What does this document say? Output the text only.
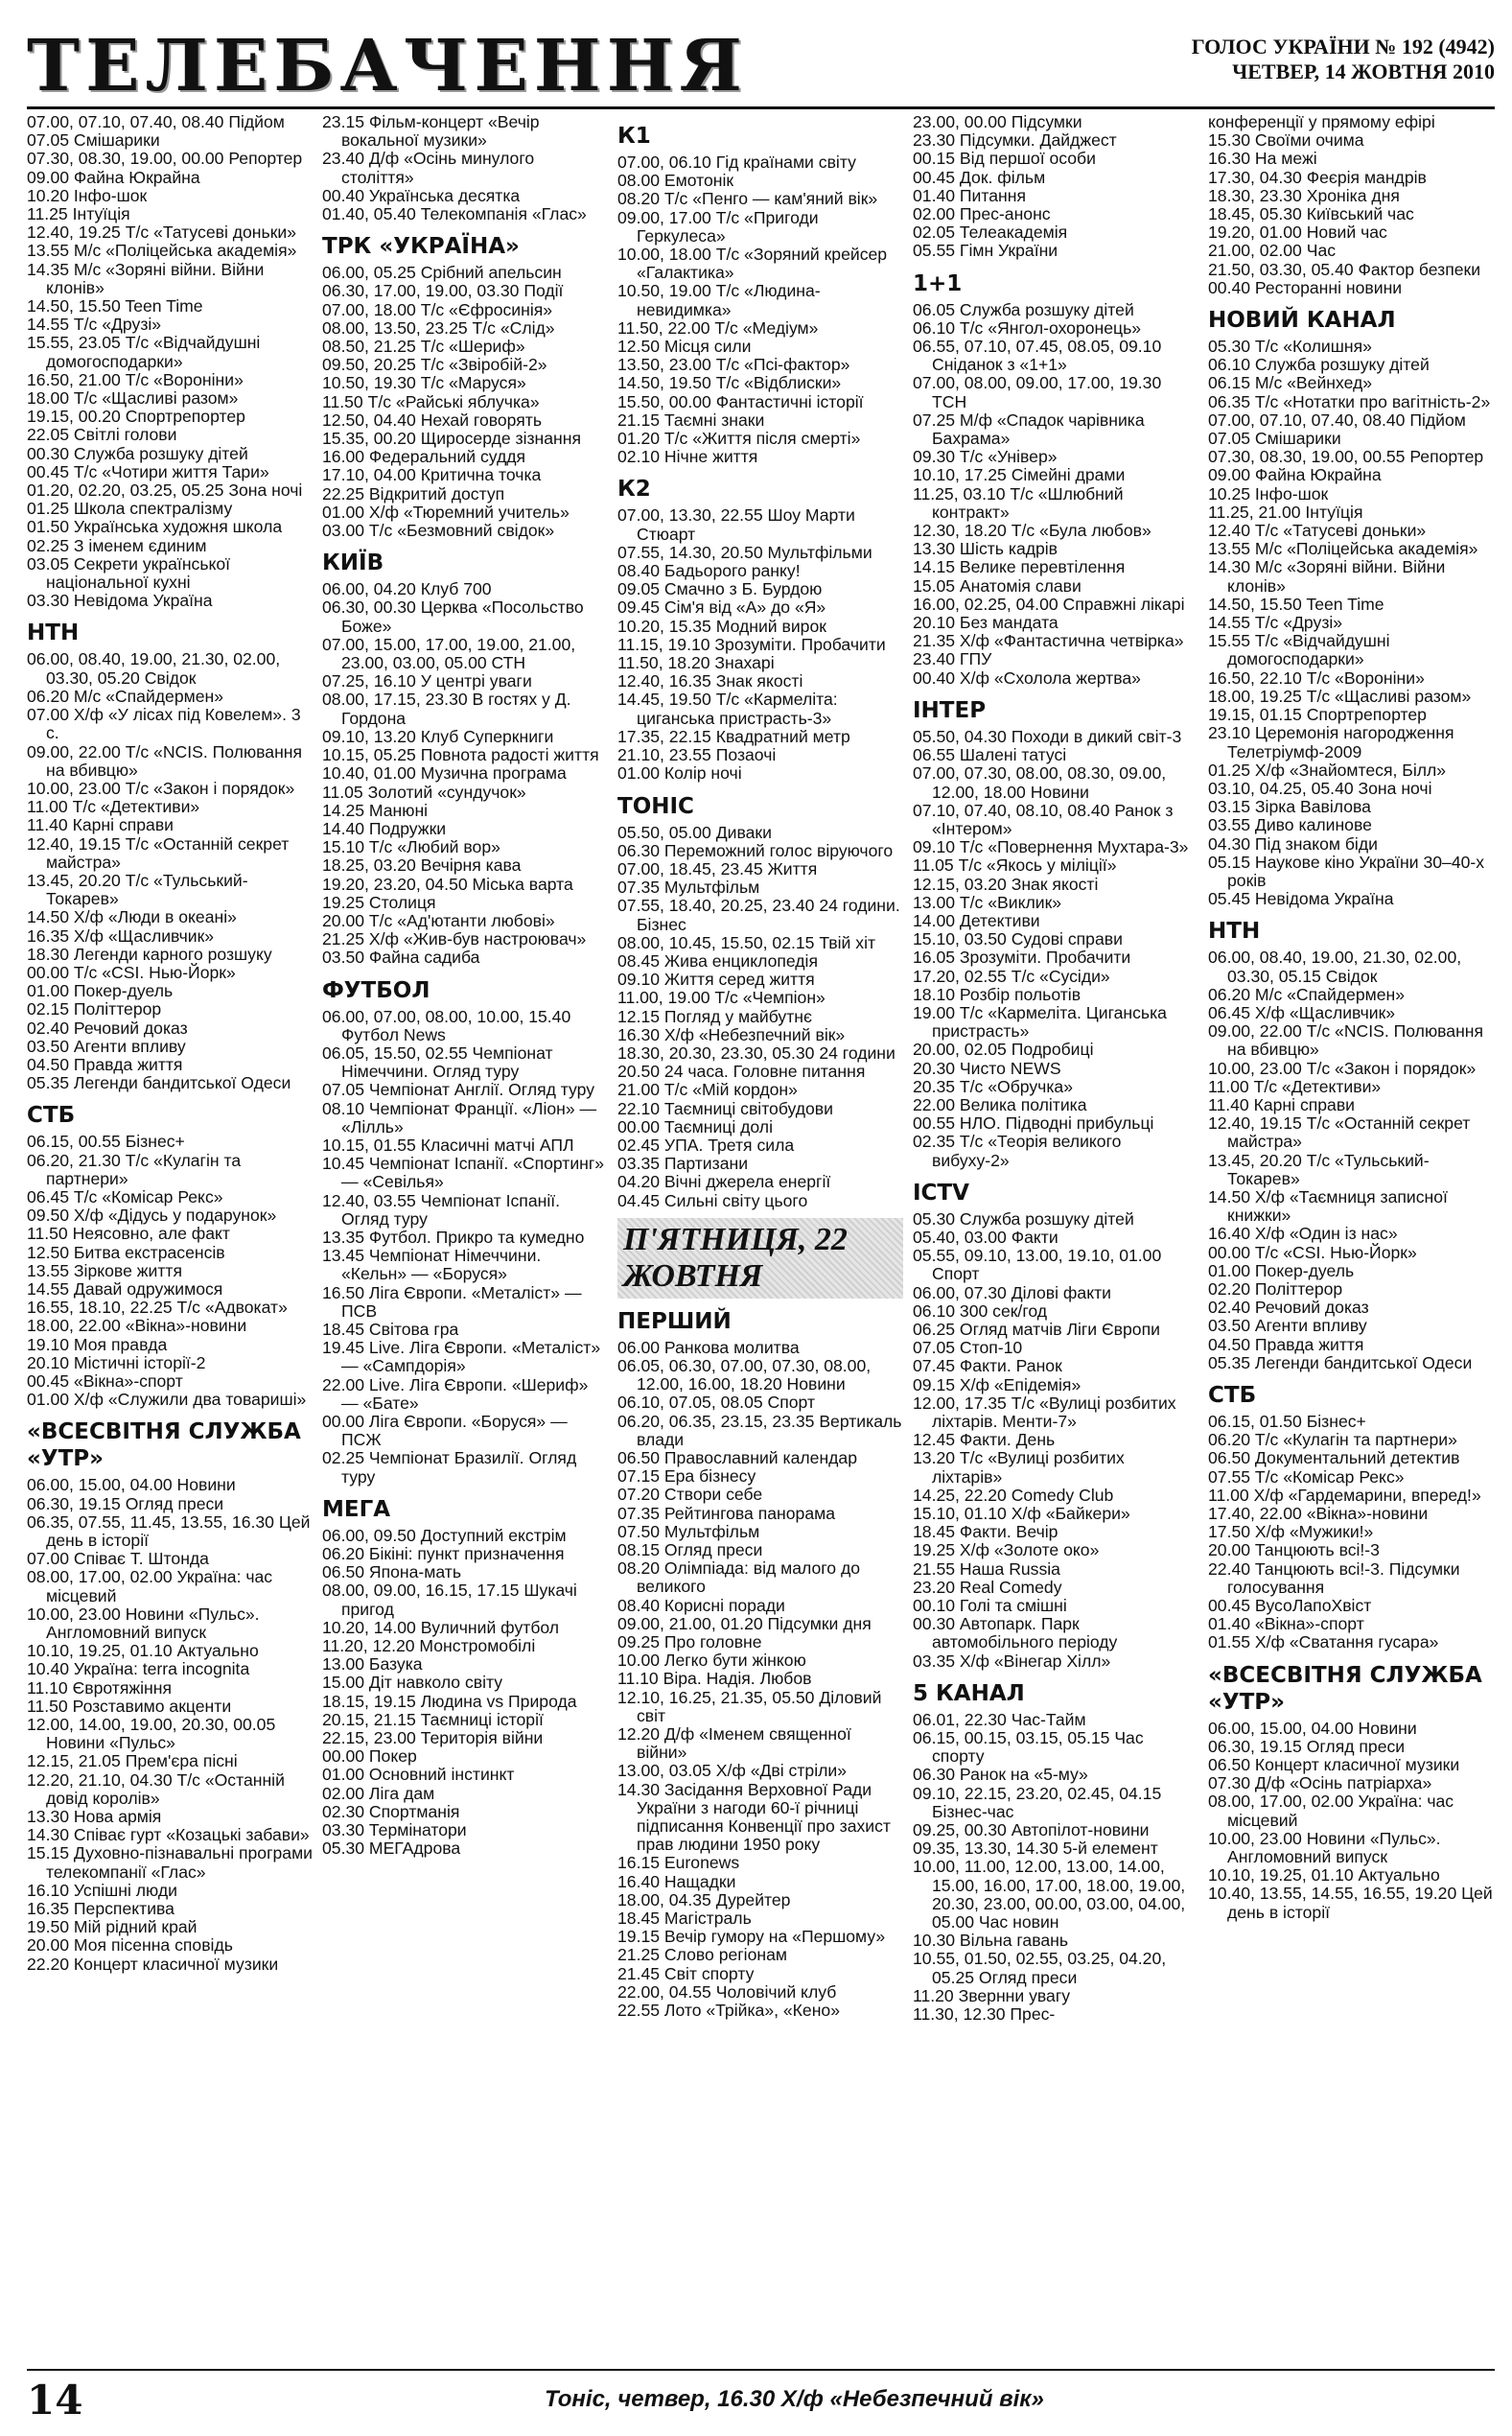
ТЕЛЕБАЧЕННЯ	ГОЛОС УКРАЇНИ № 192 (4942)
ЧЕТВЕР, 14 ЖОВТНЯ 2010

07.00, 07.10, 07.40, 08.40 Підйом

07.05 Смішарики

07.30, 08.30, 19.00, 00.00 Репортер

09.00 Файна Юкрайна

10.20 Інфо-шок

11.25 Інтуїція

12.40, 19.25 Т/с «Татусеві доньки»

13.55 М/с «Поліцейська академія»

14.35 М/с «Зоряні війни. Війни клонів»

14.50, 15.50 Teen Time

14.55 Т/с «Друзі»

15.55, 23.05 Т/с «Відчайдушні домогосподарки»

16.50, 21.00 Т/с «Вороніни»

18.00 Т/с «Щасливі разом»

19.15, 00.20 Спортрепортер

22.05 Світлі голови

00.30 Служба розшуку дітей

00.45 Т/с «Чотири життя Тари»

01.20, 02.20, 03.25, 05.25 Зона ночі

01.25 Школа спектралізму

01.50 Українська художня школа

02.25 З іменем єдиним

03.05 Секрети української національної кухні

03.30 Невідома Україна

НТН

06.00, 08.40, 19.00, 21.30, 02.00, 03.30, 05.20 Свідок

06.20 М/с «Спайдермен»

07.00 Х/ф «У лісах під Ковелем». 3 с.

09.00, 22.00 Т/с «NCIS. Полювання на вбивцю»

10.00, 23.00 Т/с «Закон і порядок»

11.00 Т/с «Детективи»

11.40 Карні справи

12.40, 19.15 Т/с «Останній секрет майстра»

13.45, 20.20 Т/с «Тульський-Токарев»

14.50 Х/ф «Люди в океані»

16.35 Х/ф «Щасливчик»

18.30 Легенди карного розшуку

00.00 Т/с «CSI. Нью-Йорк»

01.00 Покер-дуель

02.15 Політтерор

02.40 Речовий доказ

03.50 Агенти впливу

04.50 Правда життя

05.35 Легенди бандитської Одеси

СТБ

06.15, 00.55 Бізнес+

06.20, 21.30 Т/с «Кулагін та партнери»

06.45 Т/с «Комісар Рекс»

09.50 Х/ф «Дідусь у подарунок»

11.50 Неясовно, але факт

12.50 Битва екстрасенсів

13.55 Зіркове життя

14.55 Давай одружимося

16.55, 18.10, 22.25 Т/с «Адвокат»

18.00, 22.00 «Вікна»-новини

19.10 Моя правда

20.10 Містичні історії-2

00.45 «Вікна»-спорт

01.00 Х/ф «Служили два товариші»

«ВСЕСВІТНЯ СЛУЖБА «УТР»

06.00, 15.00, 04.00 Новини

06.30, 19.15 Огляд преси

06.35, 07.55, 11.45, 13.55, 16.30 Цей день в історії

07.00 Співає Т. Штонда

08.00, 17.00, 02.00 Україна: час місцевий

10.00, 23.00 Новини «Пульс». Англомовний випуск

10.10, 19.25, 01.10 Актуально

10.40 Україна: terra incognita

11.10 Євротяжіння

11.50 Розставимо акценти

12.00, 14.00, 19.00, 20.30, 00.05 Новини «Пульс»

12.15, 21.05 Прем'єра пісні

12.20, 21.10, 04.30 Т/с «Останній довід королів»

13.30 Нова армія

14.30 Співає гурт «Козацькі забави»

15.15 Духовно-пізнавальні програми телекомпанії «Глас»

16.10 Успішні люди

16.35 Перспектива

19.50 Мій рідний край

20.00 Моя пісенна сповідь

22.20 Концерт класичної музики

23.15 Фільм-концерт «Вечір вокальної музики»

23.40 Д/ф «Осінь минулого століття»

00.40 Українська десятка

01.40, 05.40 Телекомпанія «Глас»

ТРК «УКРАЇНА»

06.00, 05.25 Срібний апельсин

06.30, 17.00, 19.00, 03.30 Події

07.00, 18.00 Т/с «Єфросинія»

08.00, 13.50, 23.25 Т/с «Слід»

08.50, 21.25 Т/с «Шериф»

09.50, 20.25 Т/с «Звіробій-2»

10.50, 19.30 Т/с «Маруся»

11.50 Т/с «Райські яблучка»

12.50, 04.40 Нехай говорять

15.35, 00.20 Щиросерде зізнання

16.00 Федеральний суддя

17.10, 04.00 Критична точка

22.25 Відкритий доступ

01.00 Х/ф «Тюремний учитель»

03.00 Т/с «Безмовний свідок»

КИЇВ

06.00, 04.20 Клуб 700

06.30, 00.30 Церква «Посольство Боже»

07.00, 15.00, 17.00, 19.00, 21.00, 23.00, 03.00, 05.00 СТН

07.25, 16.10 У центрі уваги

08.00, 17.15, 23.30 В гостях у Д. Гордона

09.10, 13.20 Клуб Суперкниги

10.15, 05.25 Повнота радості життя

10.40, 01.00 Музична програма

11.05 Золотий «сундучок»

14.25 Манюні

14.40 Подружки

15.10 Т/с «Любий вор»

18.25, 03.20 Вечірня кава

19.20, 23.20, 04.50 Міська варта

19.25 Столиця

20.00 Т/с «Ад'ютанти любові»

21.25 Х/ф «Жив-був настроювач»

03.50 Файна садиба

ФУТБОЛ

06.00, 07.00, 08.00, 10.00, 15.40 Футбол News

06.05, 15.50, 02.55 Чемпіонат Німеччини. Огляд туру

07.05 Чемпіонат Англії. Огляд туру

08.10 Чемпіонат Франції. «Ліон» — «Лілль»

10.15, 01.55 Класичні матчі АПЛ

10.45 Чемпіонат Іспанії. «Спортинг» — «Севілья»

12.40, 03.55 Чемпіонат Іспанії. Огляд туру

13.35 Футбол. Прикро та кумедно

13.45 Чемпіонат Німеччини. «Кельн» — «Боруся»

16.50 Ліга Європи. «Металіст» — ПСВ

18.45 Світова гра

19.45 Live. Ліга Європи. «Металіст» — «Сампдорія»

22.00 Live. Ліга Європи. «Шериф» — «Бате»

00.00 Ліга Європи. «Боруся» — ПСЖ

02.25 Чемпіонат Бразилії. Огляд туру

МЕГА

06.00, 09.50 Доступний екстрім

06.20 Бікіні: пункт призначення

06.50 Япона-мать

08.00, 09.00, 16.15, 17.15 Шукачі пригод

10.20, 14.00 Вуличний футбол

11.20, 12.20 Монстромобілі

13.00 Базука

15.00 Діт навколо світу

18.15, 19.15 Людина vs Природа

20.15, 21.15 Таємниці історії

22.15, 23.00 Територія війни

00.00 Покер

01.00 Основний інстинкт

02.00 Ліга дам

02.30 Спортманія

03.30 Термінатори

05.30 МЕГАдрова

К1

07.00, 06.10 Гід країнами світу

08.00 Емотонік

08.20 Т/с «Пенго — кам'яний вік»

09.00, 17.00 Т/с «Пригоди Геркулеса»

10.00, 18.00 Т/с «Зоряний крейсер «Галактика»

10.50, 19.00 Т/с «Людина-невидимка»

11.50, 22.00 Т/с «Медіум»

12.50 Місця сили

13.50, 23.00 Т/с «Псі-фактор»

14.50, 19.50 Т/с «Відблиски»

15.50, 00.00 Фантастичні історії

21.15 Таємні знаки

01.20 Т/с «Життя після смерті»

02.10 Нічне життя

К2

07.00, 13.30, 22.55 Шоу Марти Стюарт

07.55, 14.30, 20.50 Мультфільми

08.40 Бадьорого ранку!

09.05 Смачно з Б. Бурдою

09.45 Сім'я від «А» до «Я»

10.20, 15.35 Модний вирок

11.15, 19.10 Зрозуміти. Пробачити

11.50, 18.20 Знахарі

12.40, 16.35 Знак якості

14.45, 19.50 Т/с «Кармеліта: циганська пристрасть-3»

17.35, 22.15 Квадратний метр

21.10, 23.55 Позаочі

01.00 Колір ночі

ТОНІС

05.50, 05.00 Диваки

06.30 Переможний голос віруючого

07.00, 18.45, 23.45 Життя

07.35 Мультфільм

07.55, 18.40, 20.25, 23.40 24 години. Бізнес

08.00, 10.45, 15.50, 02.15 Твій хіт

08.45 Жива енциклопедія

09.10 Життя серед життя

11.00, 19.00 Т/с «Чемпіон»

12.15 Погляд у майбутнє

16.30 Х/ф «Небезпечний вік»

18.30, 20.30, 23.30, 05.30 24 години

20.50 24 часа. Головне питання

21.00 Т/с «Мій кордон»

22.10 Таємниці світобудови

00.00 Таємниці долі

02.45 УПА. Третя сила

03.35 Партизани

04.20 Вічні джерела енергії

04.45 Сильні світу цього

П'ЯТНИЦЯ, 22 ЖОВТНЯ
ПЕРШИЙ

06.00 Ранкова молитва

06.05, 06.30, 07.00, 07.30, 08.00, 12.00, 16.00, 18.20 Новини

06.10, 07.05, 08.05 Спорт

06.20, 06.35, 23.15, 23.35 Вертикаль влади

06.50 Православний календар

07.15 Ера бізнесу

07.20 Створи себе

07.35 Рейтингова панорама

07.50 Мультфільм

08.15 Огляд преси

08.20 Олімпіада: від малого до великого

08.40 Корисні поради

09.00, 21.00, 01.20 Підсумки дня

09.25 Про головне

10.00 Легко бути жінкою

11.10 Віра. Надія. Любов

12.10, 16.25, 21.35, 05.50 Діловий світ

12.20 Д/ф «Іменем священної війни»

13.00, 03.05 Х/ф «Дві стріли»

14.30 Засідання Верховної Ради України з нагоди 60-ї річниці підписання Конвенції про захист прав людини 1950 року

16.15 Euronews

16.40 Нащадки

18.00, 04.35 Дурейтер

18.45 Магістраль

19.15 Вечір гумору на «Першому»

21.25 Слово регіонам

21.45 Світ спорту

22.00, 04.55 Чоловічий клуб

22.55 Лото «Трійка», «Кено»

23.00, 00.00 Підсумки

23.30 Підсумки. Дайджест

00.15 Від першої особи

00.45 Док. фільм

01.40 Питання

02.00 Прес-анонс

02.05 Телеакадемія

05.55 Гімн України

1+1

06.05 Служба розшуку дітей

06.10 Т/с «Янгол-охоронець»

06.55, 07.10, 07.45, 08.05, 09.10 Сніданок з «1+1»

07.00, 08.00, 09.00, 17.00, 19.30 ТСН

07.25 М/ф «Спадок чарівника Бахрама»

09.30 Т/с «Універ»

10.10, 17.25 Сімейні драми

11.25, 03.10 Т/с «Шлюбний контракт»

12.30, 18.20 Т/с «Була любов»

13.30 Шість кадрів

14.15 Велике перевтілення

15.05 Анатомія слави

16.00, 02.25, 04.00 Справжні лікарі

20.10 Без мандата

21.35 Х/ф «Фантастична четвірка»

23.40 ГПУ

00.40 Х/ф «Схолола жертва»

ІНТЕР

05.50, 04.30 Походи в дикий світ-3

06.55 Шалені татусі

07.00, 07.30, 08.00, 08.30, 09.00, 12.00, 18.00 Новини

07.10, 07.40, 08.10, 08.40 Ранок з «Інтером»

09.10 Т/с «Повернення Мухтара-3»

11.05 Т/с «Якось у міліції»

12.15, 03.20 Знак якості

13.00 Т/с «Виклик»

14.00 Детективи

15.10, 03.50 Судові справи

16.05 Зрозуміти. Пробачити

17.20, 02.55 Т/с «Сусіди»

18.10 Розбір польотів

19.00 Т/с «Кармеліта. Циганська пристрасть»

20.00, 02.05 Подробиці

20.30 Чисто NEWS

20.35 Т/с «Обручка»

22.00 Велика політика

00.55 НЛО. Підводні прибульці

02.35 Т/с «Теорія великого вибуху-2»

ICTV

05.30 Служба розшуку дітей

05.40, 03.00 Факти

05.55, 09.10, 13.00, 19.10, 01.00 Спорт

06.00, 07.30 Ділові факти

06.10 300 сек/год

06.25 Огляд матчів Ліги Європи

07.05 Стоп-10

07.45 Факти. Ранок

09.15 Х/ф «Епідемія»

12.00, 17.35 Т/с «Вулиці розбитих ліхтарів. Менти-7»

12.45 Факти. День

13.20 Т/с «Вулиці розбитих ліхтарів»

14.25, 22.20 Comedy Club

15.10, 01.10 Х/ф «Байкери»

18.45 Факти. Вечір

19.25 Х/ф «Золоте око»

21.55 Наша Russia

23.20 Real Comedy

00.10 Голі та смішні

00.30 Автопарк. Парк автомобільного періоду

03.35 Х/ф «Вінегар Хілл»

5 КАНАЛ

06.01, 22.30 Час-Тайм

06.15, 00.15, 03.15, 05.15 Час спорту

06.30 Ранок на «5-му»

09.10, 22.15, 23.20, 02.45, 04.15 Бізнес-час

09.25, 00.30 Автопілот-новини

09.35, 13.30, 14.30 5-й елемент

10.00, 11.00, 12.00, 13.00, 14.00, 15.00, 16.00, 17.00, 18.00, 19.00, 20.30, 23.00, 00.00, 03.00, 04.00, 05.00 Час новин

10.30 Вільна гавань

10.55, 01.50, 02.55, 03.25, 04.20, 05.25 Огляд преси

11.20 Звернни увагу

11.30, 12.30 Прес-

конференції у прямому ефірі

15.30 Своїми очима

16.30 На межі

17.30, 04.30 Феєрія мандрів

18.30, 23.30 Хроніка дня

18.45, 05.30 Київський час

19.20, 01.00 Новий час

21.00, 02.00 Час

21.50, 03.30, 05.40 Фактор безпеки

00.40 Ресторанні новини

НОВИЙ КАНАЛ

05.30 Т/с «Колишня»

06.10 Служба розшуку дітей

06.15 М/с «Вейнхед»

06.35 Т/с «Нотатки про вагітність-2»

07.00, 07.10, 07.40, 08.40 Підйом

07.05 Смішарики

07.30, 08.30, 19.00, 00.55 Репортер

09.00 Файна Юкрайна

10.25 Інфо-шок

11.25, 21.00 Інтуїція

12.40 Т/с «Татусеві доньки»

13.55 М/с «Поліцейська академія»

14.30 М/с «Зоряні війни. Війни клонів»

14.50, 15.50 Teen Time

14.55 Т/с «Друзі»

15.55 Т/с «Відчайдушні домогосподарки»

16.50, 22.10 Т/с «Вороніни»

18.00, 19.25 Т/с «Щасливі разом»

19.15, 01.15 Спортрепортер

23.10 Церемонія нагородження Телетріумф-2009

01.25 Х/ф «Знайомтеся, Білл»

03.10, 04.25, 05.40 Зона ночі

03.15 Зірка Вавілова

03.55 Диво калинове

04.30 Під знаком біди

05.15 Наукове кіно України 30–40-х років

05.45 Невідома Україна

НТН

06.00, 08.40, 19.00, 21.30, 02.00, 03.30, 05.15 Свідок

06.20 М/с «Спайдермен»

06.45 Х/ф «Щасливчик»

09.00, 22.00 Т/с «NCIS. Полювання на вбивцю»

10.00, 23.00 Т/с «Закон і порядок»

11.00 Т/с «Детективи»

11.40 Карні справи

12.40, 19.15 Т/с «Останній секрет майстра»

13.45, 20.20 Т/с «Тульський-Токарев»

14.50 Х/ф «Таємниця записної книжки»

16.40 Х/ф «Один із нас»

00.00 Т/с «CSI. Нью-Йорк»

01.00 Покер-дуель

02.20 Політтерор

02.40 Речовий доказ

03.50 Агенти впливу

04.50 Правда життя

05.35 Легенди бандитської Одеси

СТБ

06.15, 01.50 Бізнес+

06.20 Т/с «Кулагін та партнери»

06.50 Документальний детектив

07.55 Т/с «Комісар Рекс»

11.00 Х/ф «Гардемарини, вперед!»

17.40, 22.00 «Вікна»-новини

17.50 Х/ф «Мужики!»

20.00 Танцюють всі!-3

22.40 Танцюють всі!-3. Підсумки голосування

00.45 ВусоЛапоХвіст

01.40 «Вікна»-спорт

01.55 Х/ф «Сватання гусара»

«ВСЕСВІТНЯ СЛУЖБА «УТР»

06.00, 15.00, 04.00 Новини

06.30, 19.15 Огляд преси

06.50 Концерт класичної музики

07.30 Д/ф «Осінь патріарха»

08.00, 17.00, 02.00 Україна: час місцевий

10.00, 23.00 Новини «Пульс». Англомовний випуск

10.10, 19.25, 01.10 Актуально

10.40, 13.55, 14.55, 16.55, 19.20 Цей день в історії

14	Тоніс, четвер, 16.30 Х/ф «Небезпечний вік»
